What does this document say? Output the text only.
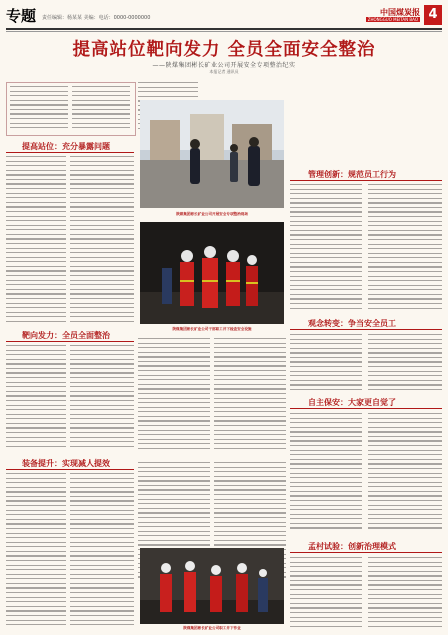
专题 责任编辑：杨某某 美编：电话：0000-0000000
中国煤炭报
ZHONGGUO MEITAN BAO 4
提高站位靶向发力 全员全面安全整治
——陕煤集团彬长矿业公司开展安全专项整治纪实
本报记者 通讯员
提高站位：充分暴露问题
陕煤集团彬长矿业公司开展安全专项整治现场
陕煤集团彬长矿业公司干部职工井下检查安全设施
管理创新：规范员工行为
观念转变：争当安全员工
靶向发力：全员全面整治
自主保安：大家更自觉了
装备提升：实现减人提效
陕煤集团彬长矿业公司职工井下作业
孟村试验：创新治理模式
